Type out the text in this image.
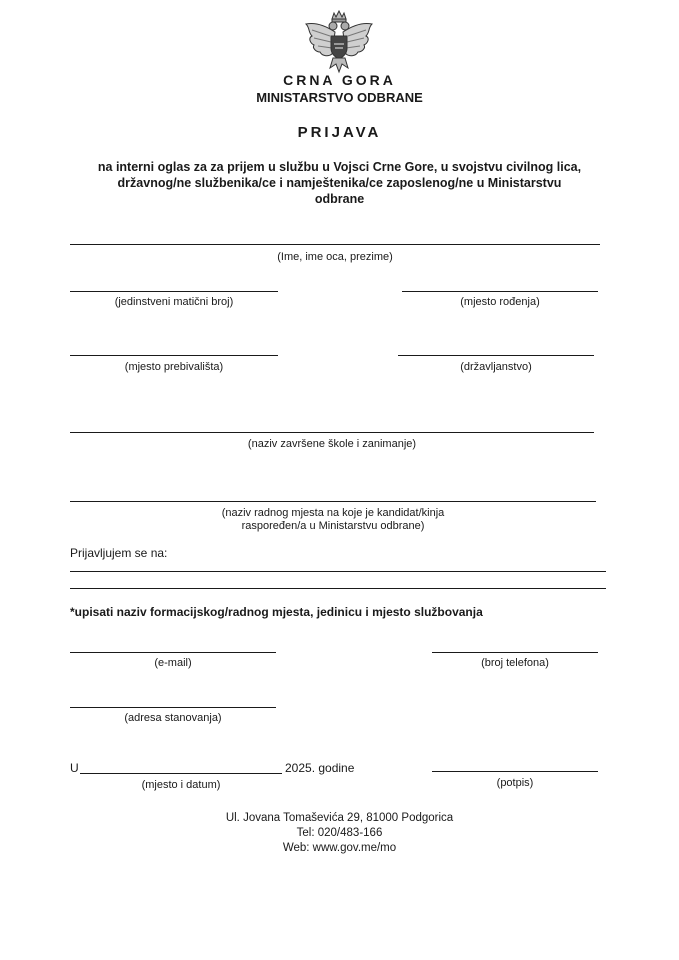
CRNA GORA
MINISTARSTVO ODBRANE
PRIJAVA
na interni oglas za za prijem u službu u Vojsci Crne Gore, u svojstvu civilnog lica,
državnog/ne službenika/ce i namještenika/ce zaposlenog/ne u Ministarstvu
odbrane
(Ime, ime oca, prezime)
(jedinstveni matični broj)	(mjesto rođenja)
(mjesto prebivališta)	(državljanstvo)
(naziv završene škole i zanimanje)
(naziv radnog mjesta na koje je kandidat/kinja
raspoređen/a u Ministarstvu odbrane)
Prijavljujem se na:
*upisati naziv formacijskog/radnog mjesta, jedinicu i mjesto službovanja
(e-mail)	(broj telefona)
(adresa stanovanja)
U	2025. godine
(mjesto i datum)	(potpis)
Ul. Jovana Tomaševića 29, 81000 Podgorica
Tel: 020/483-166
Web: www.gov.me/mo
